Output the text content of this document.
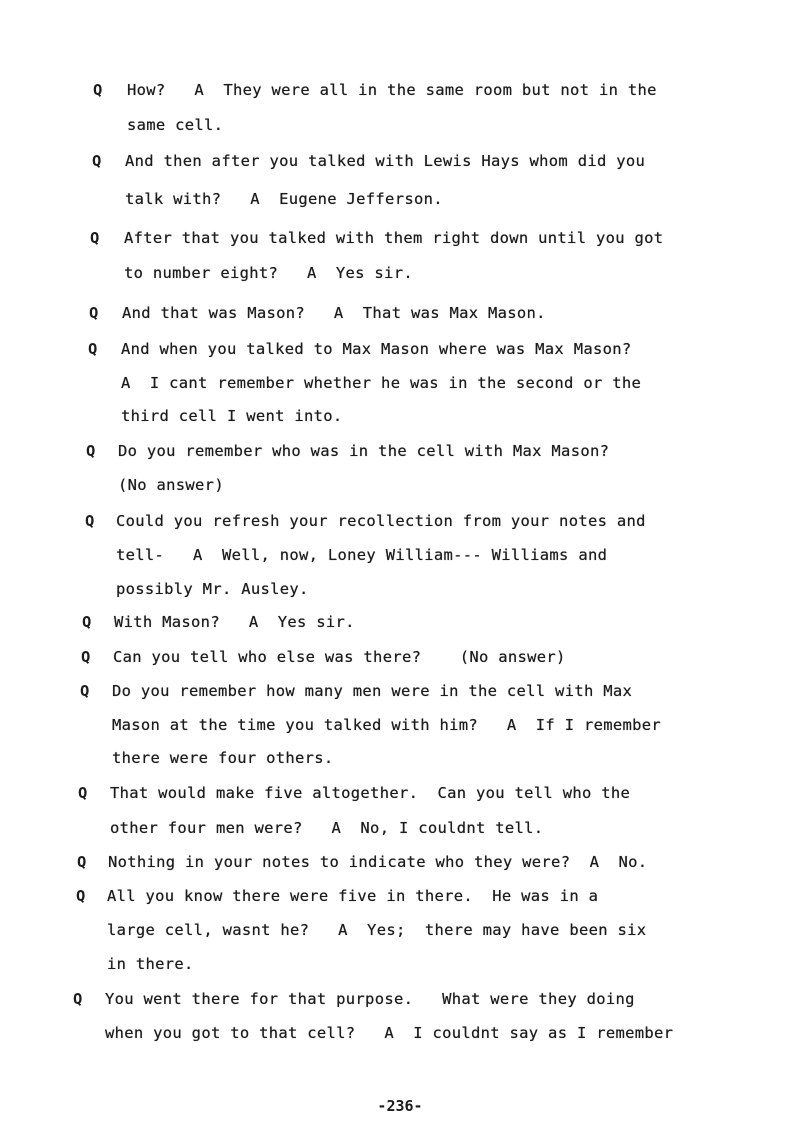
Q How?   A  They were all in the same room but not in the
same cell.
Q And then after you talked with Lewis Hays whom did you
talk with?   A  Eugene Jefferson.
Q After that you talked with them right down until you got
to number eight?   A  Yes sir.
Q And that was Mason?   A  That was Max Mason.
Q And when you talked to Max Mason where was Max Mason?
A  I cant remember whether he was in the second or the
third cell I went into.
Q Do you remember who was in the cell with Max Mason?
(No answer)
Q Could you refresh your recollection from your notes and
tell-   A  Well, now, Loney William--- Williams and
possibly Mr. Ausley.
Q With Mason?   A  Yes sir.
Q Can you tell who else was there?    (No answer)
Q Do you remember how many men were in the cell with Max
Mason at the time you talked with him?   A  If I remember
there were four others.
Q That would make five altogether.  Can you tell who the
other four men were?   A  No, I couldnt tell.
Q Nothing in your notes to indicate who they were?  A  No.
Q All you know there were five in there.  He was in a
large cell, wasnt he?   A  Yes;  there may have been six
in there.
Q You went there for that purpose.   What were they doing
when you got to that cell?   A  I couldnt say as I remember
-236-
